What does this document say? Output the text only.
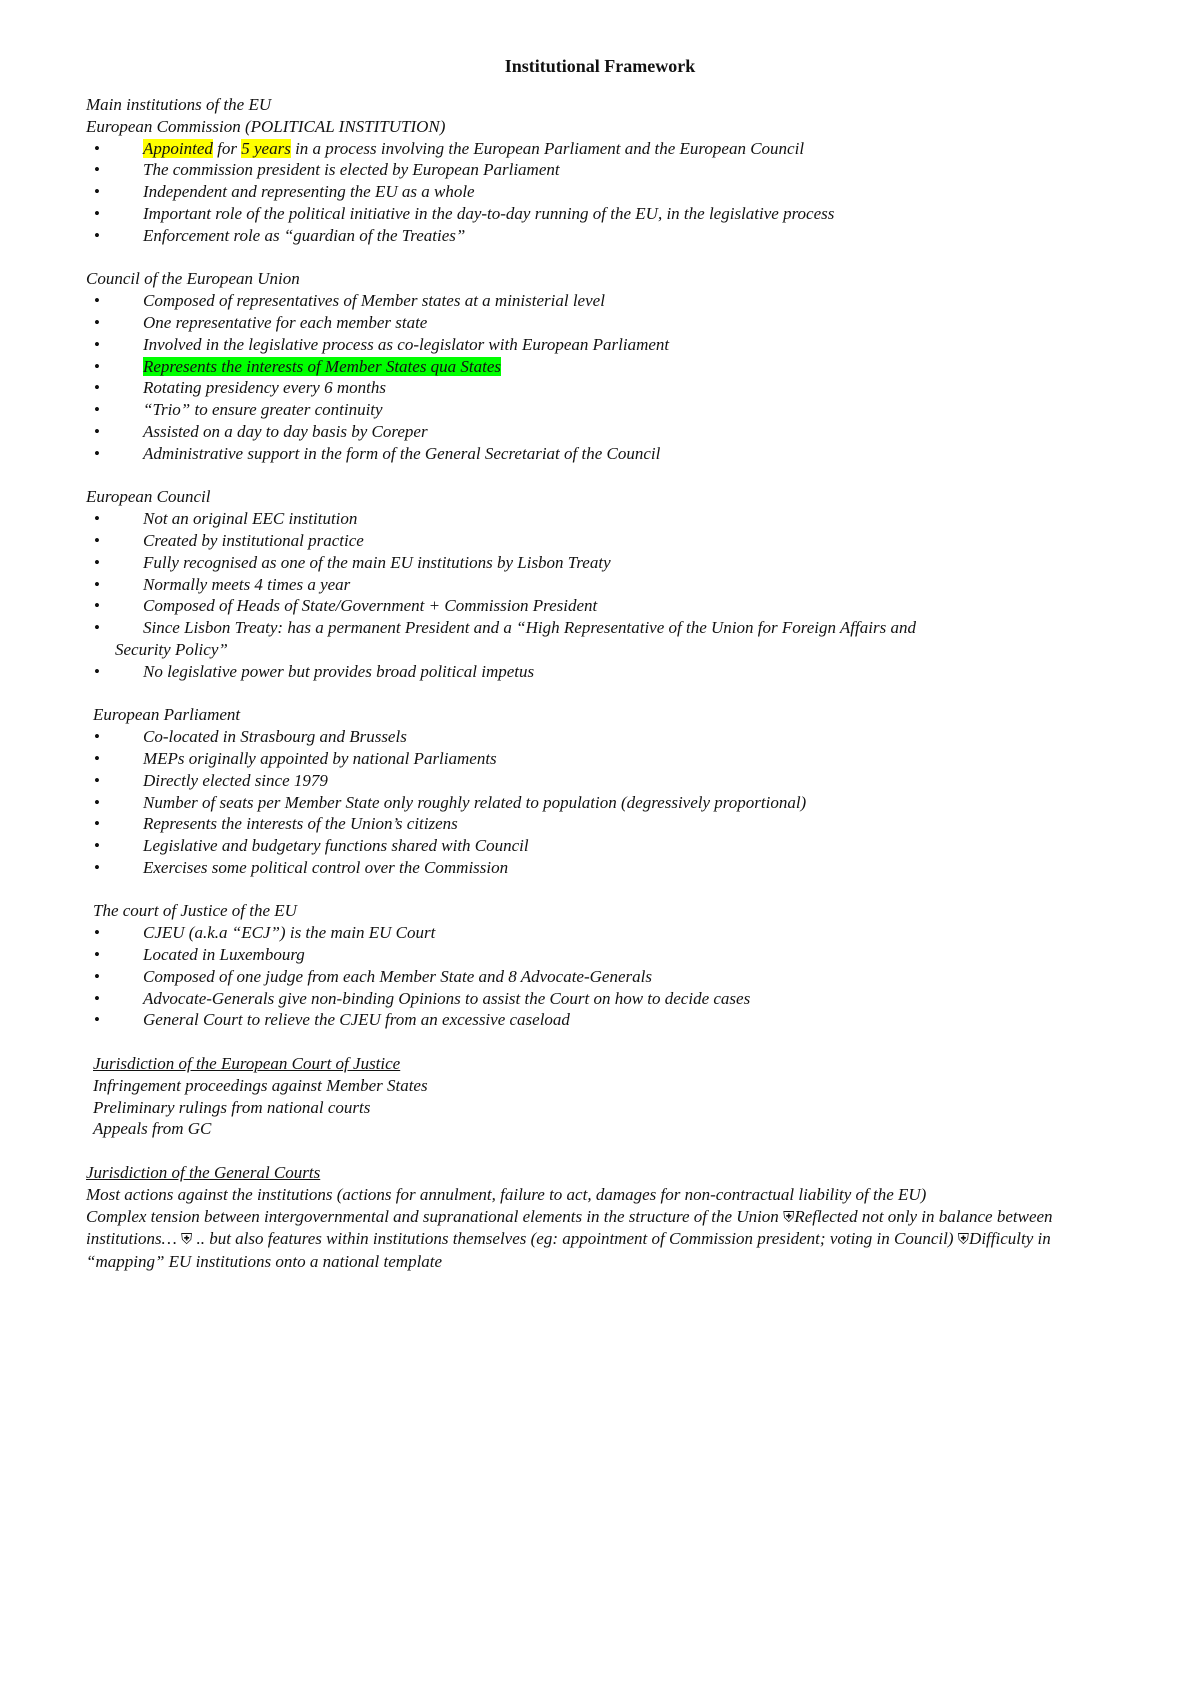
Institutional Framework
Main institutions of the EU
European Commission (POLITICAL INSTITUTION)
•	Appointed for 5 years in a process involving the European Parliament and the European Council
•	The commission president is elected by European Parliament
•	Independent and representing the EU as a whole
•	Important role of the political initiative in the day-to-day running of the EU, in the legislative process
•	Enforcement role as “guardian of the Treaties”
Council of the European Union
•	Composed of representatives of Member states at a ministerial level
•	One representative for each member state
•	Involved in the legislative process as co-legislator with European Parliament
•	Represents the interests of Member States qua States
•	Rotating presidency every 6 months
•	“Trio” to ensure greater continuity
•	Assisted on a day to day basis by Coreper
•	Administrative support in the form of the General Secretariat of the Council
European Council
•	Not an original EEC institution
•	Created by institutional practice
•	Fully recognised as one of the main EU institutions by Lisbon Treaty
•	Normally meets 4 times a year
•	Composed of Heads of State/Government + Commission President
•	Since Lisbon Treaty: has a permanent President and a “High Representative of the Union for Foreign Affairs and Security Policy”
•	No legislative power but provides broad political impetus
European Parliament
•	Co-located in Strasbourg and Brussels
•	MEPs originally appointed by national Parliaments
•	Directly elected since 1979
•	Number of seats per Member State only roughly related to population (degressively proportional)
•	Represents the interests of the Union’s citizens
•	Legislative and budgetary functions shared with Council
•	Exercises some political control over the Commission
The court of Justice of the EU
•	CJEU (a.k.a “ECJ”) is the main EU Court
•	Located in Luxembourg
•	Composed of one judge from each Member State and 8 Advocate-Generals
•	Advocate-Generals give non-binding Opinions to assist the Court on how to decide cases
•	General Court to relieve the CJEU from an excessive caseload
Jurisdiction of the European Court of Justice
Infringement proceedings against Member States
Preliminary rulings from national courts
Appeals from GC
Jurisdiction of the General Courts
Most actions against the institutions (actions for annulment, failure to act, damages for non-contractual liability of the EU)
Complex tension between intergovernmental and supranational elements in the structure of the Union ⛨Reflected not only in balance between institutions… ⛨ .. but also features within institutions themselves (eg: appointment of Commission president; voting in Council) ⛨Difficulty in “mapping” EU institutions onto a national template
